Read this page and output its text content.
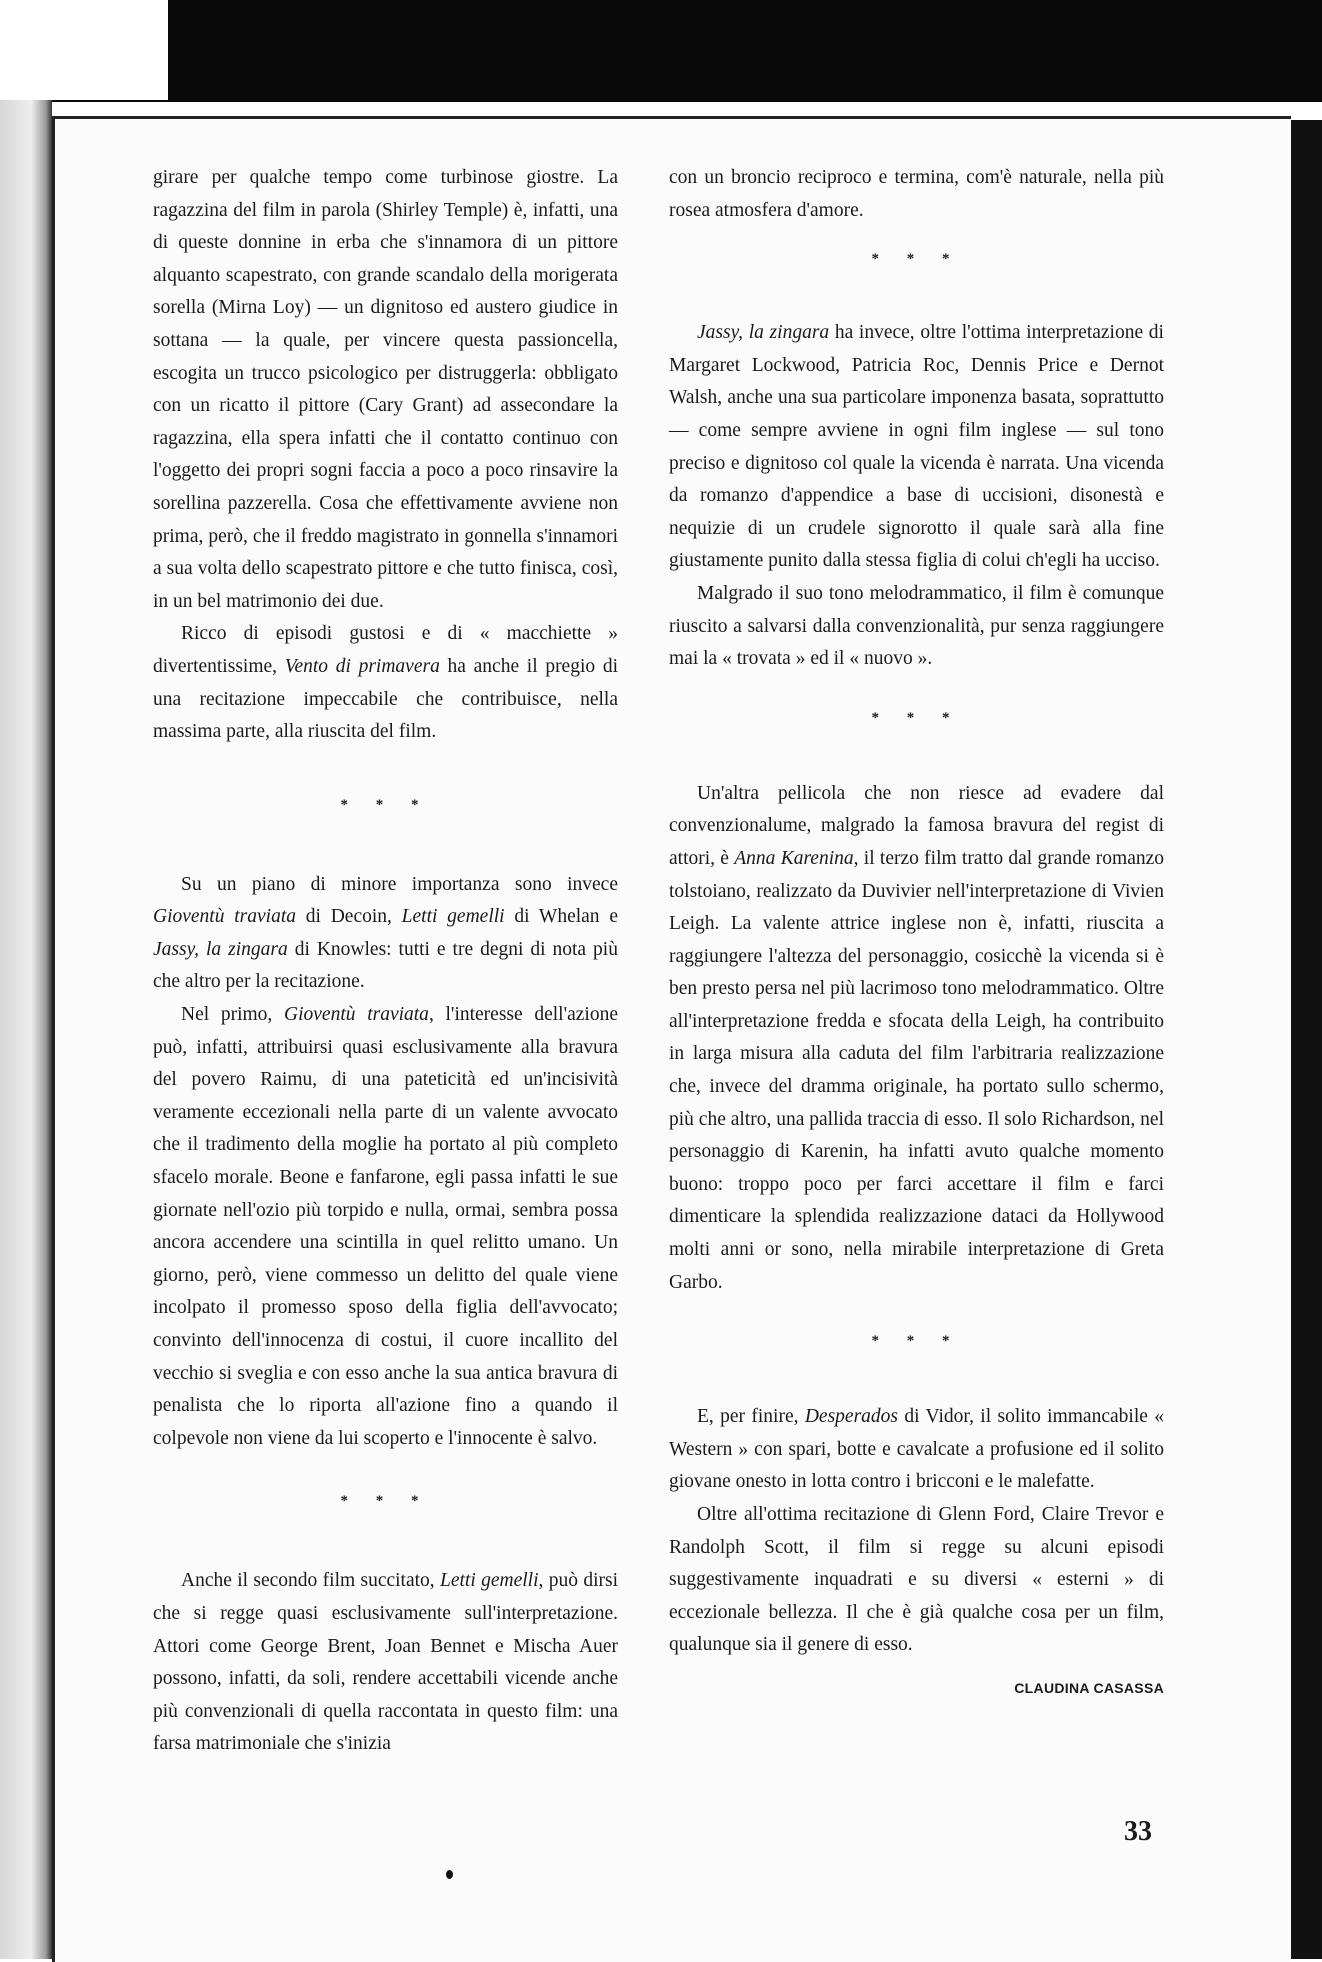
girare per qualche tempo come turbinose giostre. La ragazzina del film in parola (Shirley Temple) è, infatti, una di queste donnine in erba che s'innamora di un pittore alquanto scapestrato, con grande scandalo della morigerata sorella (Mirna Loy) — un dignitoso ed austero giudice in sottana — la quale, per vincere questa passioncella, escogita un trucco psicologico per distruggerla: obbligato con un ricatto il pittore (Cary Grant) ad assecondare la ragazzina, ella spera infatti che il contatto continuo con l'oggetto dei propri sogni faccia a poco a poco rinsavire la sorellina pazzerella. Cosa che effettivamente avviene non prima, però, che il freddo magistrato in gonnella s'innamori a sua volta dello scapestrato pittore e che tutto finisca, così, in un bel matrimonio dei due.

Ricco di episodi gustosi e di « macchiette » divertentissime, Vento di primavera ha anche il pregio di una recitazione impeccabile che contribuisce, nella massima parte, alla riuscita del film.

* * *

Su un piano di minore importanza sono invece Gioventù traviata di Decoin, Letti gemelli di Whelan e Jassy, la zingara di Knowles: tutti e tre degni di nota più che altro per la recitazione.

Nel primo, Gioventù traviata, l'interesse dell'azione può, infatti, attribuirsi quasi esclusivamente alla bravura del povero Raimu, di una pateticità ed un'incisività veramente eccezionali nella parte di un valente avvocato che il tradimento della moglie ha portato al più completo sfacelo morale. Beone e fanfarone, egli passa infatti le sue giornate nell'ozio più torpido e nulla, ormai, sembra possa ancora accendere una scintilla in quel relitto umano. Un giorno, però, viene commesso un delitto del quale viene incolpato il promesso sposo della figlia dell'avvocato; convinto dell'innocenza di costui, il cuore incallito del vecchio si sveglia e con esso anche la sua antica bravura di penalista che lo riporta all'azione fino a quando il colpevole non viene da lui scoperto e l'innocente è salvo.

* * *

Anche il secondo film succitato, Letti gemelli, può dirsi che si regge quasi esclusivamente sull'interpretazione. Attori come George Brent, Joan Bennet e Mischa Auer possono, infatti, da soli, rendere accettabili vicende anche più convenzionali di quella raccontata in questo film: una farsa matrimoniale che s'inizia

con un broncio reciproco e termina, com'è naturale, nella più rosea atmosfera d'amore.

* * *

Jassy, la zingara ha invece, oltre l'ottima interpretazione di Margaret Lockwood, Patricia Roc, Dennis Price e Dernot Walsh, anche una sua particolare imponenza basata, soprattutto — come sempre avviene in ogni film inglese — sul tono preciso e dignitoso col quale la vicenda è narrata. Una vicenda da romanzo d'appendice a base di uccisioni, disonestà e nequizie di un crudele signorotto il quale sarà alla fine giustamente punito dalla stessa figlia di colui ch'egli ha ucciso.

Malgrado il suo tono melodrammatico, il film è comunque riuscito a salvarsi dalla convenzionalità, pur senza raggiungere mai la « trovata » ed il « nuovo ».

* * *

Un'altra pellicola che non riesce ad evadere dal convenzionalume, malgrado la famosa bravura del regist di attori, è Anna Karenina, il terzo film tratto dal grande romanzo tolstoiano, realizzato da Duvivier nell'interpretazione di Vivien Leigh. La valente attrice inglese non è, infatti, riuscita a raggiungere l'altezza del personaggio, cosicchè la vicenda si è ben presto persa nel più lacrimoso tono melodrammatico. Oltre all'interpretazione fredda e sfocata della Leigh, ha contribuito in larga misura alla caduta del film l'arbitraria realizzazione che, invece del dramma originale, ha portato sullo schermo, più che altro, una pallida traccia di esso. Il solo Richardson, nel personaggio di Karenin, ha infatti avuto qualche momento buono: troppo poco per farci accettare il film e farci dimenticare la splendida realizzazione dataci da Hollywood molti anni or sono, nella mirabile interpretazione di Greta Garbo.

* * *

E, per finire, Desperados di Vidor, il solito immancabile « Western » con spari, botte e cavalcate a profusione ed il solito giovane onesto in lotta contro i bricconi e le malefatte.

Oltre all'ottima recitazione di Glenn Ford, Claire Trevor e Randolph Scott, il film si regge su alcuni episodi suggestivamente inquadrati e su diversi « esterni » di eccezionale bellezza. Il che è già qualche cosa per un film, qualunque sia il genere di esso.

CLAUDINA CASASSA
33
